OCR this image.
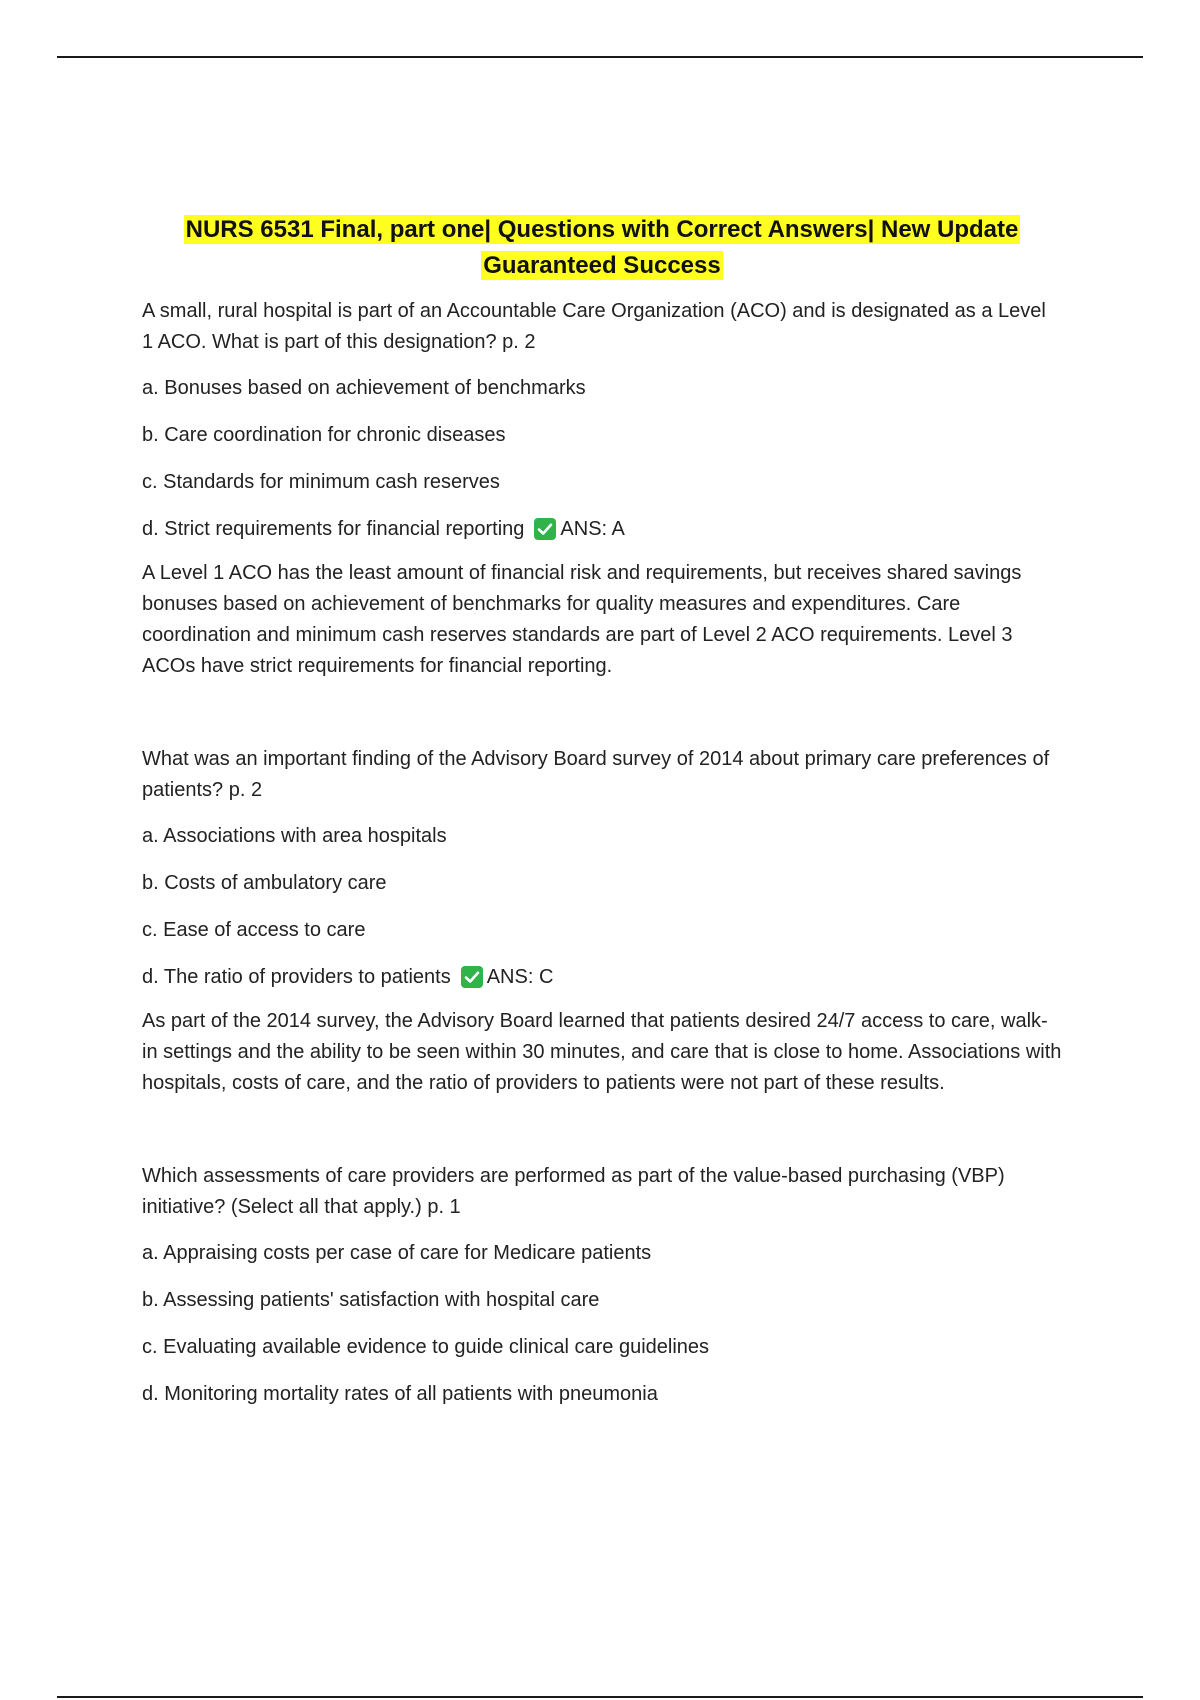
NURS 6531 Final, part one| Questions with Correct Answers| New Update
Guaranteed Success

A small, rural hospital is part of an Accountable Care Organization (ACO) and is designated as a Level 1 ACO. What is part of this designation? p. 2

a. Bonuses based on achievement of benchmarks

b. Care coordination for chronic diseases

c. Standards for minimum cash reserves

d. Strict requirements for financial reporting ANS: A

A Level 1 ACO has the least amount of financial risk and requirements, but receives shared savings bonuses based on achievement of benchmarks for quality measures and expenditures. Care coordination and minimum cash reserves standards are part of Level 2 ACO requirements. Level 3 ACOs have strict requirements for financial reporting.

What was an important finding of the Advisory Board survey of 2014 about primary care preferences of patients? p. 2

a. Associations with area hospitals

b. Costs of ambulatory care

c. Ease of access to care

d. The ratio of providers to patients ANS: C

As part of the 2014 survey, the Advisory Board learned that patients desired 24/7 access to care, walk-in settings and the ability to be seen within 30 minutes, and care that is close to home. Associations with hospitals, costs of care, and the ratio of providers to patients were not part of these results.

Which assessments of care providers are performed as part of the value-based purchasing (VBP) initiative? (Select all that apply.) p. 1

a. Appraising costs per case of care for Medicare patients

b. Assessing patients' satisfaction with hospital care

c. Evaluating available evidence to guide clinical care guidelines

d. Monitoring mortality rates of all patients with pneumonia
